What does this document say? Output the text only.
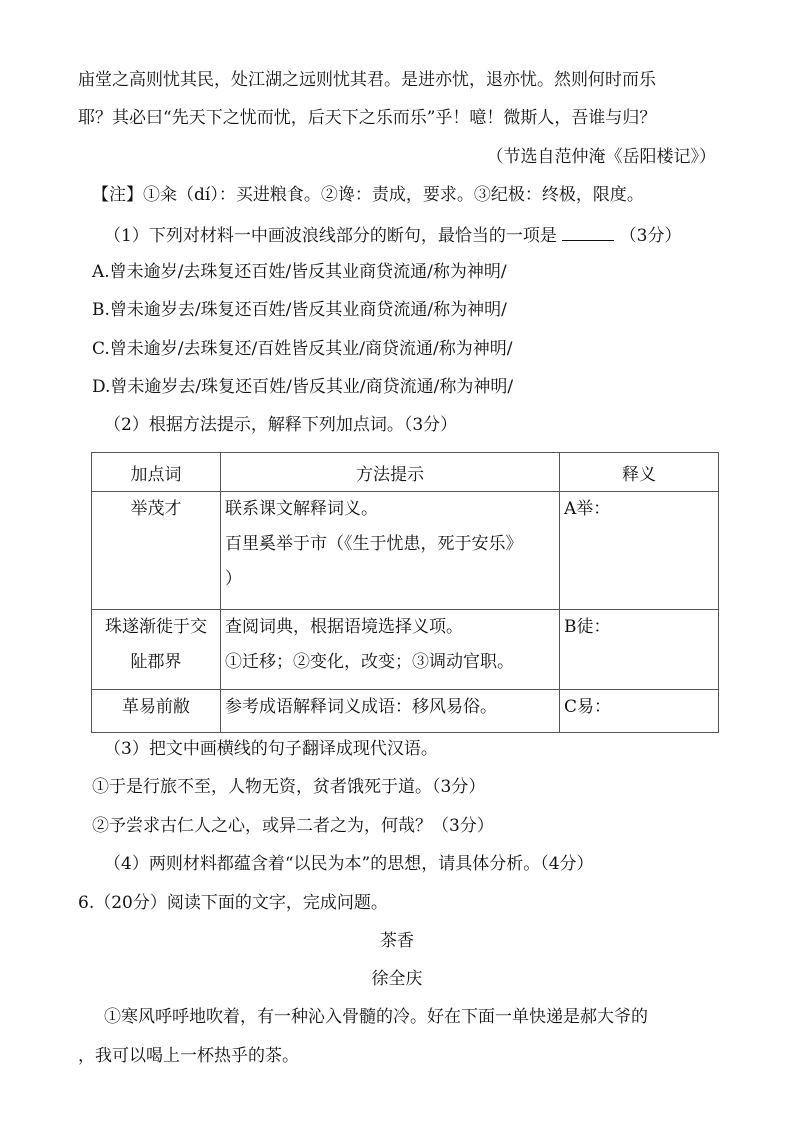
庙堂之高则忧其民，处江湖之远则忧其君。是进亦忧，退亦忧。然则何时而乐
耶？其必曰“先天下之忧而忧，后天下之乐而乐”乎！噫！微斯人，吾谁与归？
（节选自范仲淹《岳阳楼记》）
【注】①籴（dí）：买进粮食。②谗：责成，要求。③纪极：终极，限度。
（1）下列对材料一中画波浪线部分的断句，最恰当的一项是	（3分）
A.曾未逾岁/去珠复还百姓/皆反其业商贷流通/称为神明/
B.曾未逾岁去/珠复还百姓/皆反其业商贷流通/称为神明/
C.曾未逾岁/去珠复还/百姓皆反其业/商贷流通/称为神明/
D.曾未逾岁去/珠复还百姓/皆反其业/商贷流通/称为神明/
（2）根据方法提示，解释下列加点词。（3分）
加点词	方法提示	释义

举茂才	联系课文解释词义。
百里奚举于市（《生于忧患，死于安乐》
）	A举：

珠遂渐徙于交
阯郡界	查阅词典，根据语境选择义项。
①迁移；②变化，改变；③调动官职。	B徒：

革易前敝	参考成语解释词义成语：移风易俗。	C易：
（3）把文中画横线的句子翻译成现代汉语。
①于是行旅不至，人物无资，贫者饿死于道。（3分）
②予尝求古仁人之心，或异二者之为，何哉？（3分）
（4）两则材料都蕴含着“以民为本”的思想，请具体分析。（4分）
6.（20分）阅读下面的文字，完成问题。
茶香
徐全庆
①寒风呼呼地吹着，有一种沁入骨髓的冷。好在下面一单快递是郝大爷的
，我可以喝上一杯热乎的茶。
